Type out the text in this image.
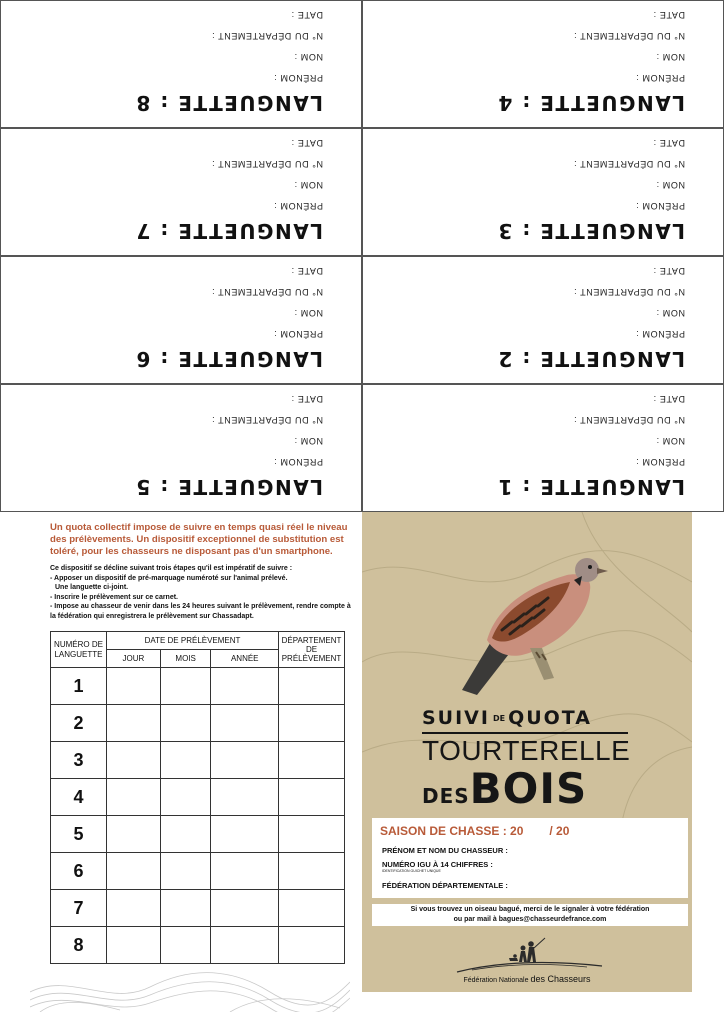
LANGUETTE : 4
PRÉNOM :
NOM :
N° DU DÉPARTEMENT :
DATE :
LANGUETTE : 3
PRÉNOM :
NOM :
N° DU DÉPARTEMENT :
DATE :
LANGUETTE : 2
PRÉNOM :
NOM :
N° DU DÉPARTEMENT :
DATE :
LANGUETTE : 1
PRÉNOM :
NOM :
N° DU DÉPARTEMENT :
DATE :
LANGUETTE : 8
PRÉNOM :
NOM :
N° DU DÉPARTEMENT :
DATE :
LANGUETTE : 7
PRÉNOM :
NOM :
N° DU DÉPARTEMENT :
DATE :
LANGUETTE : 6
PRÉNOM :
NOM :
N° DU DÉPARTEMENT :
DATE :
LANGUETTE : 5
PRÉNOM :
NOM :
N° DU DÉPARTEMENT :
DATE :
Un quota collectif impose de suivre en temps quasi réel le niveau des prélèvements. Un dispositif exceptionnel de substitution est toléré, pour les chasseurs ne disposant pas d'un smartphone.
Ce dispositif se décline suivant trois étapes qu'il est impératif de suivre :
- Apposer un dispositif de pré-marquage numéroté sur l'animal prélevé.
Une languette ci-joint.
- Inscrire le prélèvement sur ce carnet.
- Impose au chasseur de venir dans les 24 heures suivant le prélèvement, rendre compte à
la fédération qui enregistrera le prélèvement sur Chassadapt.
NUMÉRO DE
LANGUETTE	DATE DE PRÉLÈVEMENT			DÉPARTEMENT
DE
PRÉLÈVEMENT
	JOUR	MOIS	ANNÉE	
1				
2				
3				
4				
5				
6				
7				
8				
SUIVI DE QUOTA
TOURTERELLE
DESBOIS
SAISON DE CHASSE : 20 / 20
PRÉNOM ET NOM DU CHASSEUR :
NUMÉRO IGU À 14 CHIFFRES :
IDENTIFICATION GUICHET UNIQUE
FÉDÉRATION DÉPARTEMENTALE :
Si vous trouvez un oiseau bagué, merci de le signaler à votre fédération
ou par mail à bagues@chasseurdefrance.com
Fédération Nationale des Chasseurs
